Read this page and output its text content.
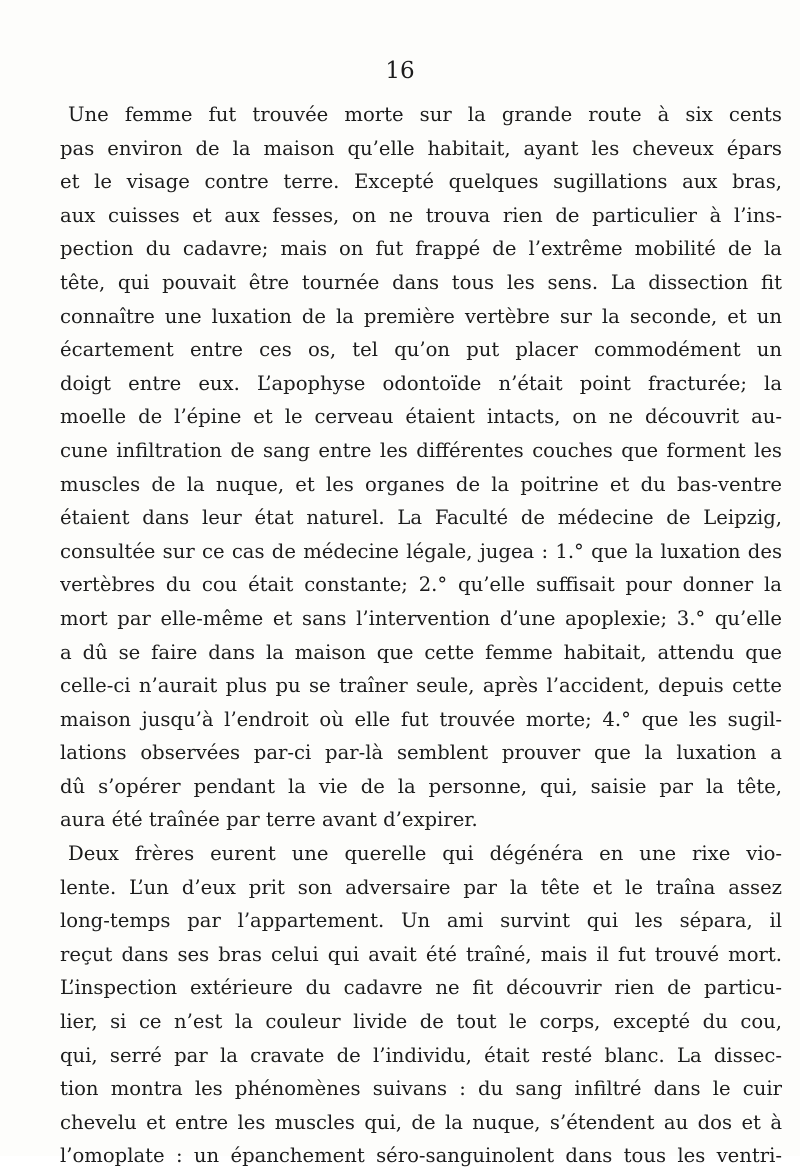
16

Une femme fut trouvée morte sur la grande route à six cents
pas environ de la maison qu’elle habitait, ayant les cheveux épars
et le visage contre terre. Excepté quelques sugillations aux bras,
aux cuisses et aux fesses, on ne trouva rien de particulier à l’ins-
pection du cadavre; mais on fut frappé de l’extrême mobilité de la
tête, qui pouvait être tournée dans tous les sens. La dissection fit
connaître une luxation de la première vertèbre sur la seconde, et un
écartement entre ces os, tel qu’on put placer commodément un
doigt entre eux. L’apophyse odontoïde n’était point fracturée; la
moelle de l’épine et le cerveau étaient intacts, on ne découvrit au-
cune infiltration de sang entre les différentes couches que forment les
muscles de la nuque, et les organes de la poitrine et du bas-ventre
étaient dans leur état naturel. La Faculté de médecine de Leipzig,
consultée sur ce cas de médecine légale, jugea : 1.° que la luxation des
vertèbres du cou était constante; 2.° qu’elle suffisait pour donner la
mort par elle-même et sans l’intervention d’une apoplexie; 3.° qu’elle
a dû se faire dans la maison que cette femme habitait, attendu que
celle-ci n’aurait plus pu se traîner seule, après l’accident, depuis cette
maison jusqu’à l’endroit où elle fut trouvée morte; 4.° que les sugil-
lations observées par-ci par-là semblent prouver que la luxation a
dû s’opérer pendant la vie de la personne, qui, saisie par la tête,
aura été traînée par terre avant d’expirer.

Deux frères eurent une querelle qui dégénéra en une rixe vio-
lente. L’un d’eux prit son adversaire par la tête et le traîna assez
long-temps par l’appartement. Un ami survint qui les sépara, il
reçut dans ses bras celui qui avait été traîné, mais il fut trouvé mort.
L’inspection extérieure du cadavre ne fit découvrir rien de particu-
lier, si ce n’est la couleur livide de tout le corps, excepté du cou,
qui, serré par la cravate de l’individu, était resté blanc. La dissec-
tion montra les phénomènes suivans : du sang infiltré dans le cuir
chevelu et entre les muscles qui, de la nuque, s’étendent au dos et à
l’omoplate : un épanchement séro-sanguinolent dans tous les ventri-
